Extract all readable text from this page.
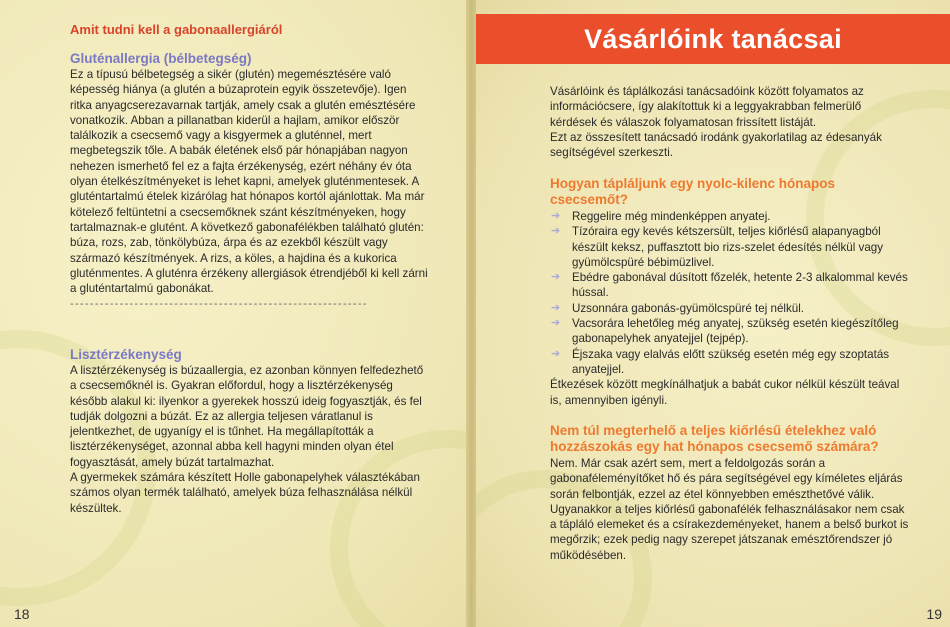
Amit tudni kell a gabonaallergiáról
Gluténallergia (bélbetegség)

Ez a típusú bélbetegség a sikér (glutén) megemésztésére való képesség hiánya (a glutén a búzaprotein egyik összetevője). Igen ritka anyagcserezavarnak tartják, amely csak a glutén emésztésére vonatkozik. Abban a pillanatban kiderül a hajlam, amikor először találkozik a csecsemő vagy a kisgyermek a gluténnel, mert megbetegszik tőle. A babák életének első pár hónapjában nagyon nehezen ismerhető fel ez a fajta érzékenység, ezért néhány év óta olyan ételkészítményeket is lehet kapni, amelyek gluténmentesek. A gluténtartalmú ételek kizárólag hat hónapos kortól ajánlottak. Ma már kötelező feltüntetni a csecsemőknek szánt készítményeken, hogy tartalmaznak-e glutént. A következő gabonafélékben található glutén: búza, rozs, zab, tönkölybúza, árpa és az ezekből készült vagy származó készítmények. A rizs, a köles, a hajdina és a kukorica gluténmentes. A gluténra érzékeny allergiások étrendjéből ki kell zárni a gluténtartalmú gabonákat.

------------------------------------------------------------
Lisztérzékenység

A lisztérzékenység is búzaallergia, ez azonban könnyen felfedezhető a csecsemőknél is. Gyakran előfordul, hogy a lisztérzékenység később alakul ki: ilyenkor a gyerekek hosszú ideig fogyasztják, és fel tudják dolgozni a búzát. Ez az allergia teljesen váratlanul is jelentkezhet, de ugyanígy el is tűnhet. Ha megállapították a lisztérzékenységet, azonnal abba kell hagyni minden olyan étel fogyasztását, amely búzát tartalmazhat.

A gyermekek számára készített Holle gabonapelyhek választékában számos olyan termék található, amelyek búza felhasználása nélkül készültek.

18
Vásárlóink tanácsai

Vásárlóink és táplálkozási tanácsadóink között folyamatos az információcsere, így alakítottuk ki a leggyakrabban felmerülő kérdések és válaszok folyamatosan frissített listáját.

Ezt az összesített tanácsadó irodánk gyakorlatilag az édesanyák segítségével szerkeszti.

Hogyan tápláljunk egy nyolc-kilenc hónapos csecsemőt?
➔ Reggelire még mindenképpen anyatej.
➔ Tízóraira egy kevés kétszersült, teljes kiőrlésű alapanyagból készült keksz, puffasztott bio rizs-szelet édesítés nélkül vagy gyümölcspüré bébimüzlivel.
➔ Ebédre gabonával dúsított főzelék, hetente 2-3 alkalommal kevés hússal.
➔ Uzsonnára gabonás-gyümölcspüré tej nélkül.
➔ Vacsorára lehetőleg még anyatej, szükség esetén kiegészítőleg gabonapelyhek anyatejjel (tejpép).
➔ Éjszaka vagy elalvás előtt szükség esetén még egy szoptatás anyatejjel.

Étkezések között megkínálhatjuk a babát cukor nélkül készült teával is, amennyiben igényli.

Nem túl megterhelő a teljes kiőrlésű ételekhez való hozzászokás egy hat hónapos csecsemő számára?

Nem. Már csak azért sem, mert a feldolgozás során a gabonaféleményítőket hő és pára segítségével egy kíméletes eljárás során felbontják, ezzel az étel könnyebben emészthetővé válik.

Ugyanakkor a teljes kiőrlésű gabonafélék felhasználásakor nem csak a tápláló elemeket és a csírakezdeményeket, hanem a belső burkot is megőrzik; ezek pedig nagy szerepet játszanak emésztőrendszer jó működésében.

19
